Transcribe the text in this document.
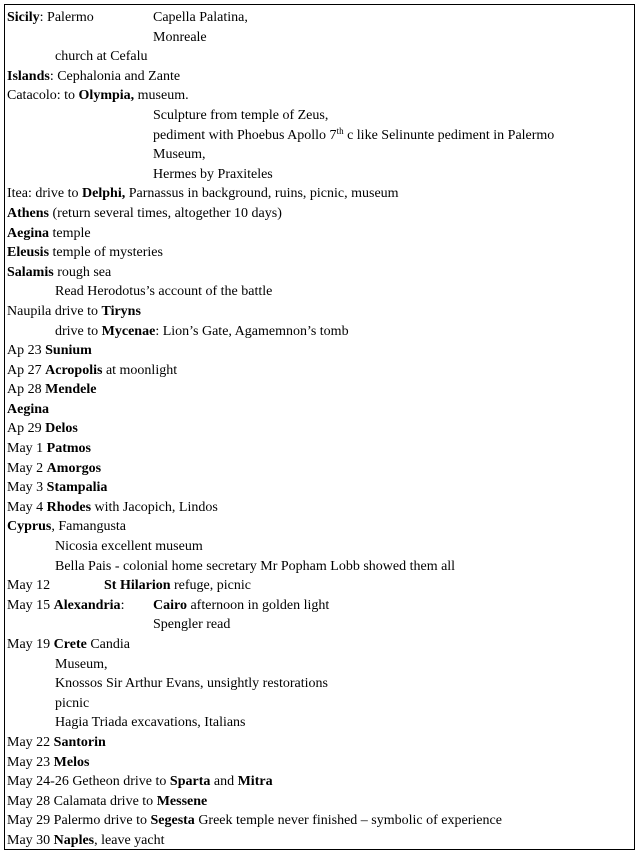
Sicily: Palermo	Capella Palatina,
Monreale
church at Cefalu
Islands: Cephalonia and Zante
Catacolo: to Olympia, museum.
Sculpture from temple of Zeus,
pediment with Phoebus Apollo 7th c like Selinunte pediment in Palermo
Museum,
Hermes by Praxiteles
Itea: drive to Delphi, Parnassus in background, ruins, picnic, museum
Athens (return several times, altogether 10 days)
Aegina temple
Eleusis temple of mysteries
Salamis rough sea
Read Herodotus’s account of the battle
Naupila drive to Tiryns
drive to Mycenae: Lion’s Gate, Agamemnon’s tomb
Ap 23 Sunium
Ap 27 Acropolis at moonlight
Ap 28 Mendele
Aegina
Ap 29 Delos
May 1 Patmos
May 2 Amorgos
May 3 Stampalia
May 4 Rhodes with Jacopich, Lindos
Cyprus, Famangusta
Nicosia excellent museum
Bella Pais - colonial home secretary Mr Popham Lobb showed them all
May 12	St Hilarion refuge, picnic
May 15 Alexandria: Cairo afternoon in golden light
Spengler read
May 19 Crete Candia
Museum,
Knossos Sir Arthur Evans, unsightly restorations
picnic
Hagia Triada excavations, Italians
May 22 Santorin
May 23 Melos
May 24-26 Getheon drive to Sparta and Mitra
May 28 Calamata drive to Messene
May 29 Palermo drive to Segesta Greek temple never finished – symbolic of experience
May 30 Naples, leave yacht
